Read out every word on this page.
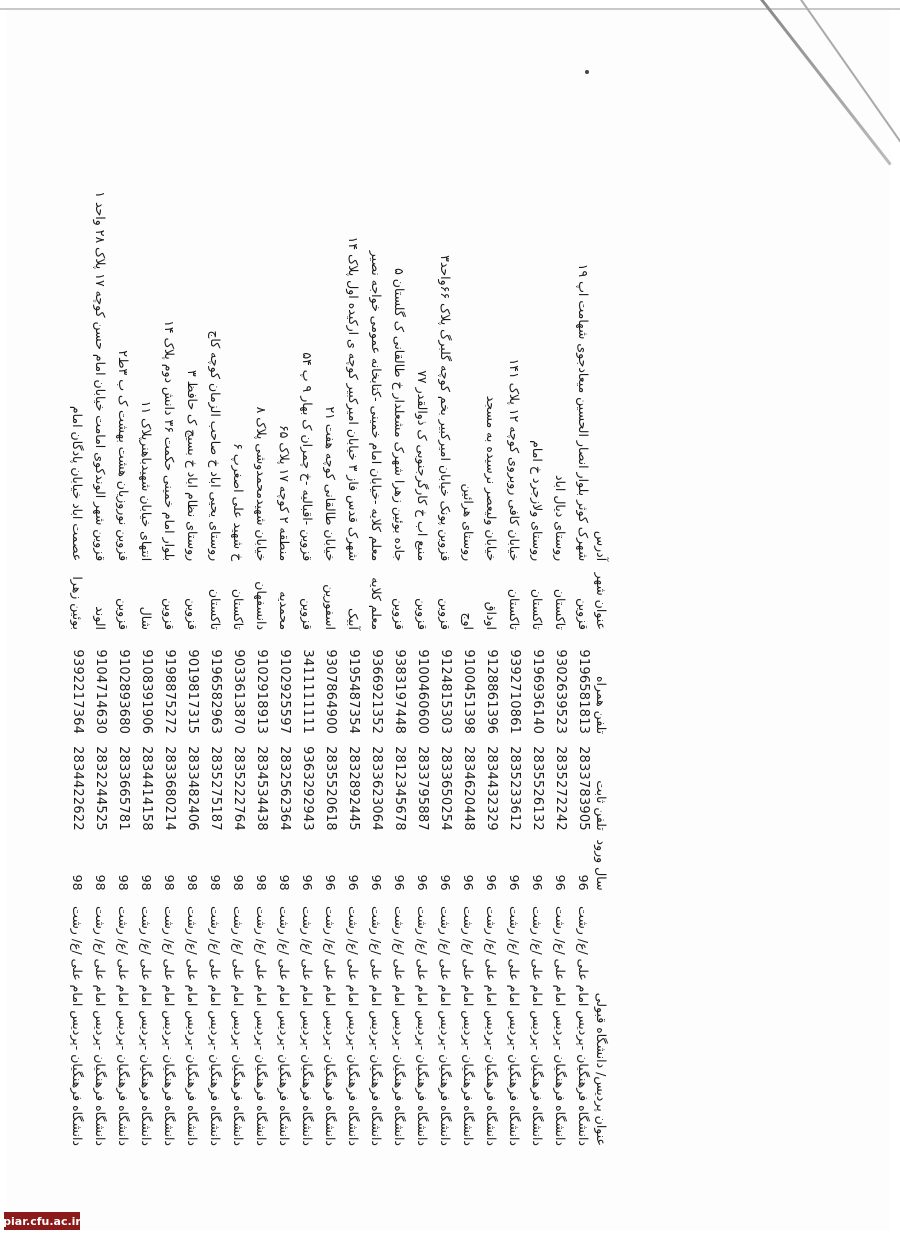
عنوان پردیس/ دانشگاه قبولی	سال ورود	تلفن ثابت	تلفن همراه	عنوان شهر	آدرس
دانشگاه فرهنگیان -پردیس امام علی /ع/ رشت	96	2833783905	9196581813	قزوین	شهرک کوثر بلوار انصار الحسین میعادجوی شهامت اپ ۱۹
دانشگاه فرهنگیان -پردیس امام علی /ع/ رشت	96	2835272242	9302639523	تاکستان	روستای دیال اباد
دانشگاه فرهنگیان -پردیس امام علی /ع/ رشت	96	2835526132	9196936140	تاکستان	روستای ولازجرد خ امام
دانشگاه فرهنگیان -پردیس امام علی /ع/ رشت	96	2835233612	9392710861	تاکستان	خیابان کافی روبروی کوچه ۱۲ پلاک ۱۴۱
دانشگاه فرهنگیان -پردیس امام علی /ع/ رشت	96	2834432329	9128861396	اوداق	خیابان ولیعصر نرسیده به مسجد
دانشگاه فرهنگیان -پردیس امام علی /ع/ رشت	96	2834620448	9100451398	اوج	روستای هرائین
دانشگاه فرهنگیان -پردیس امام علی /ع/ رشت	96	2833650254	9124815303	قزوین	قزوین پونک خیابان امیرکبیر بخم کوچه گلبرگ پلاک ۶۶واحد۳
دانشگاه فرهنگیان -پردیس امام علی /ع/ رشت	96	2833795887	9100460600	قزوین	منبع اب خ کارگرجنوبی ک ذوالقدر ۷۷
دانشگاه فرهنگیان -پردیس امام علی /ع/ رشت	96	2812345678	9383197448	قزوین	جاده بوئین زهرا شهرک مشعلدار خ طالقانی ک گلستان ۵
دانشگاه فرهنگیان -پردیس امام علی /ع/ رشت	96	2833623064	9366921352	معلم کلایه	معلم کلایه -خیابان امام خمینی -کتابخانه عمومی خواجه نصیر
دانشگاه فرهنگیان -پردیس امام علی /ع/ رشت	96	2832892445	9195487354	آبیک	شهرک قدس فاز ۳ خیابان امیرکبیر کوچه ی ارکیده اول پلاک ۱۴
دانشگاه فرهنگیان -پردیس امام علی /ع/ رشت	96	2835520618	9307864900	اسفورین	خیابان طالقانی کوچه هفت ۲۱
دانشگاه فرهنگیان -پردیس امام علی /ع/ رشت	96	9363292943	3411111111	قزوین	قزوین -اقبالیه -خ چمران ک بهار ۹ پ ۵۴
دانشگاه فرهنگیان -پردیس امام علی /ع/ رشت	98	2832562364	9102925597	محمدیه	منطقه ۲ کوچه ۱۷ پلاک ۶۵
دانشگاه فرهنگیان -پردیس امام علی /ع/ رشت	98	2834534438	9102918913	دانسفهان	خیابان شهیدمحمدوشی پلاک ۸
دانشگاه فرهنگیان -پردیس امام علی /ع/ رشت	98	2835222764	9033613870	تاکستان	خ شهید علی اصغرپ ۶
دانشگاه فرهنگیان -پردیس امام علی /ع/ رشت	98	2835275187	9196582963	تاکستان	روستای یحیی اباد خ صاحب الزمان کوچه کاج
دانشگاه فرهنگیان -پردیس امام علی /ع/ رشت	98	2833482406	9019817315	قزوین	روستای نظام اباد خ بسیج ک حافظ ۳
دانشگاه فرهنگیان -پردیس امام علی /ع/ رشت	98	2833680214	9198875272	قزوین	بلوار امام خمینی حکمت ۳۶ دانش دوم پلاک ۱۴
دانشگاه فرهنگیان -پردیس امام علی /ع/ رشت	98	2834414158	9108391906	شال	انتهای خیابان شهیدباهنرپلاک ۱۱
دانشگاه فرهنگیان -پردیس امام علی /ع/ رشت	98	2833665781	9102893680	قزوین	قزوین نوروزیان هشت بهشت ک ب ۳ط۲
دانشگاه فرهنگیان -پردیس امام علی /ع/ رشت	98	2832244525	9104714630	الوند	قزوین شهر الوندکوی امامت خیابان امام حسن کوچه ۱۷ پلاک ۲۸ واحد ۱
دانشگاه فرهنگیان -پردیس امام علی /ع/ رشت	98	2834422622	9392217364	بوئین زهرا	عصمت اباد خیابان پادگان امام
piar.cfu.ac.ir
